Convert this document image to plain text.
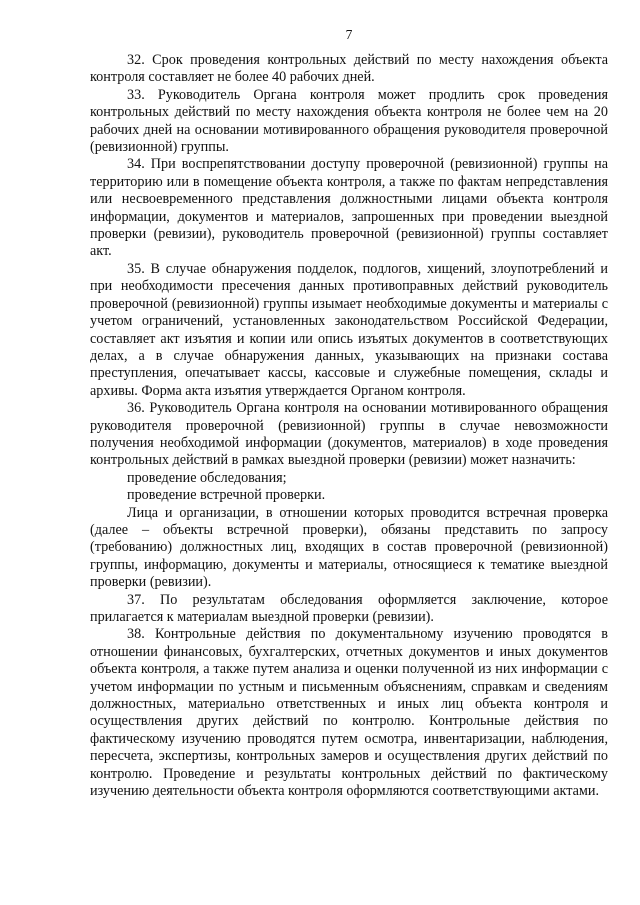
7

32. Срок проведения контрольных действий по месту нахождения объекта контроля составляет не более 40 рабочих дней.

33. Руководитель Органа контроля может продлить срок проведения контрольных действий по месту нахождения объекта контроля не более чем на 20 рабочих дней на основании мотивированного обращения руководителя проверочной (ревизионной) группы.

34. При воспрепятствовании доступу проверочной (ревизионной) группы на территорию или в помещение объекта контроля, а также по фактам непредставления или несвоевременного представления должностными лицами объекта контроля информации, документов и материалов, запрошенных при проведении выездной проверки (ревизии), руководитель проверочной (ревизионной) группы составляет акт.

35. В случае обнаружения подделок, подлогов, хищений, злоупотреблений и при необходимости пресечения данных противоправных действий руководитель проверочной (ревизионной) группы изымает необходимые документы и материалы с учетом ограничений, установленных законодательством Российской Федерации, составляет акт изъятия и копии или опись изъятых документов в соответствующих делах, а в случае обнаружения данных, указывающих на признаки состава преступления, опечатывает кассы, кассовые и служебные помещения, склады и архивы. Форма акта изъятия утверждается Органом контроля.

36. Руководитель Органа контроля на основании мотивированного обращения руководителя проверочной (ревизионной) группы в случае невозможности получения необходимой информации (документов, материалов) в ходе проведения контрольных действий в рамках выездной проверки (ревизии) может назначить:

проведение обследования;

проведение встречной проверки.

Лица и организации, в отношении которых проводится встречная проверка (далее – объекты встречной проверки), обязаны представить по запросу (требованию) должностных лиц, входящих в состав проверочной (ревизионной) группы, информацию, документы и материалы, относящиеся к тематике выездной проверки (ревизии).

37. По результатам обследования оформляется заключение, которое прилагается к материалам выездной проверки (ревизии).

38. Контрольные действия по документальному изучению проводятся в отношении финансовых, бухгалтерских, отчетных документов и иных документов объекта контроля, а также путем анализа и оценки полученной из них информации с учетом информации по устным и письменным объяснениям, справкам и сведениям должностных, материально ответственных и иных лиц объекта контроля и осуществления других действий по контролю. Контрольные действия по фактическому изучению проводятся путем осмотра, инвентаризации, наблюдения, пересчета, экспертизы, контрольных замеров и осуществления других действий по контролю. Проведение и результаты контрольных действий по фактическому изучению деятельности объекта контроля оформляются соответствующими актами.
